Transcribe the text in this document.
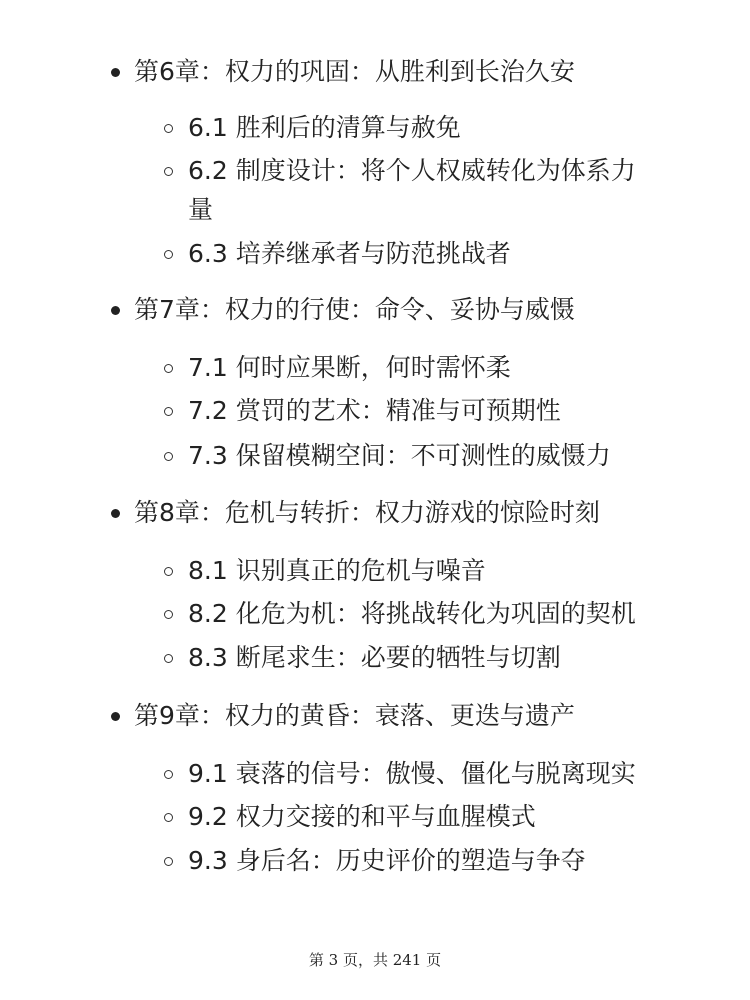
第6章：权力的巩固：从胜利到长治久安
6.1 胜利后的清算与赦免
6.2 制度设计：将个人权威转化为体系力
量
6.3 培养继承者与防范挑战者
第7章：权力的行使：命令、妥协与威慑
7.1 何时应果断，何时需怀柔
7.2 赏罚的艺术：精准与可预期性
7.3 保留模糊空间：不可测性的威慑力
第8章：危机与转折：权力游戏的惊险时刻
8.1 识别真正的危机与噪音
8.2 化危为机：将挑战转化为巩固的契机
8.3 断尾求生：必要的牺牲与切割
第9章：权力的黄昏：衰落、更迭与遗产
9.1 衰落的信号：傲慢、僵化与脱离现实
9.2 权力交接的和平与血腥模式
9.3 身后名：历史评价的塑造与争夺
第 3 页，共 241 页
